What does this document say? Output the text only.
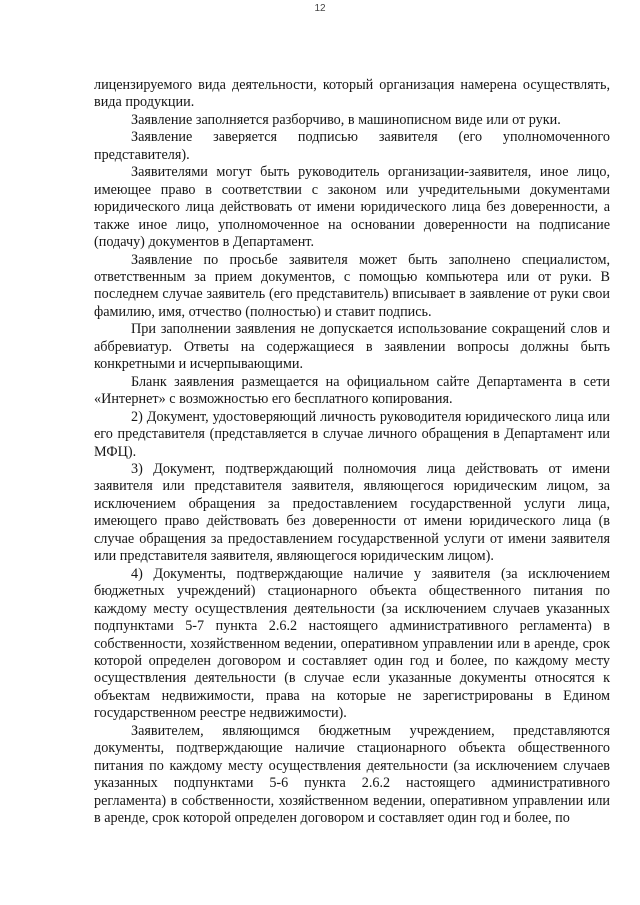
12

лицензируемого вида деятельности, который организация намерена осуществлять, вида продукции.

Заявление заполняется разборчиво, в машинописном виде или от руки.

Заявление заверяется подписью заявителя (его уполномоченного представителя).

Заявителями могут быть руководитель организации-заявителя, иное лицо, имеющее право в соответствии с законом или учредительными документами юридического лица действовать от имени юридического лица без доверенности, а также иное лицо, уполномоченное на основании доверенности на подписание (подачу) документов в Департамент.

Заявление по просьбе заявителя может быть заполнено специалистом, ответственным за прием документов, с помощью компьютера или от руки. В последнем случае заявитель (его представитель) вписывает в заявление от руки свои фамилию, имя, отчество (полностью) и ставит подпись.

При заполнении заявления не допускается использование сокращений слов и аббревиатур. Ответы на содержащиеся в заявлении вопросы должны быть конкретными и исчерпывающими.

Бланк заявления размещается на официальном сайте Департамента в сети «Интернет» с возможностью его бесплатного копирования.

2) Документ, удостоверяющий личность руководителя юридического лица или его представителя (представляется в случае личного обращения в Департамент или МФЦ).

3) Документ, подтверждающий полномочия лица действовать от имени заявителя или представителя заявителя, являющегося юридическим лицом, за исключением обращения за предоставлением государственной услуги лица, имеющего право действовать без доверенности от имени юридического лица (в случае обращения за предоставлением государственной услуги от имени заявителя или представителя заявителя, являющегося юридическим лицом).

4) Документы, подтверждающие наличие у заявителя (за исключением бюджетных учреждений) стационарного объекта общественного питания по каждому месту осуществления деятельности (за исключением случаев указанных подпунктами 5-7 пункта 2.6.2 настоящего административного регламента) в собственности, хозяйственном ведении, оперативном управлении или в аренде, срок которой определен договором и составляет один год и более, по каждому месту осуществления деятельности (в случае если указанные документы относятся к объектам недвижимости, права на которые не зарегистрированы в Едином государственном реестре недвижимости).

Заявителем, являющимся бюджетным учреждением, представляются документы, подтверждающие наличие стационарного объекта общественного питания по каждому месту осуществления деятельности (за исключением случаев указанных подпунктами 5-6 пункта 2.6.2 настоящего административного регламента) в собственности, хозяйственном ведении, оперативном управлении или в аренде, срок которой определен договором и составляет один год и более, по
